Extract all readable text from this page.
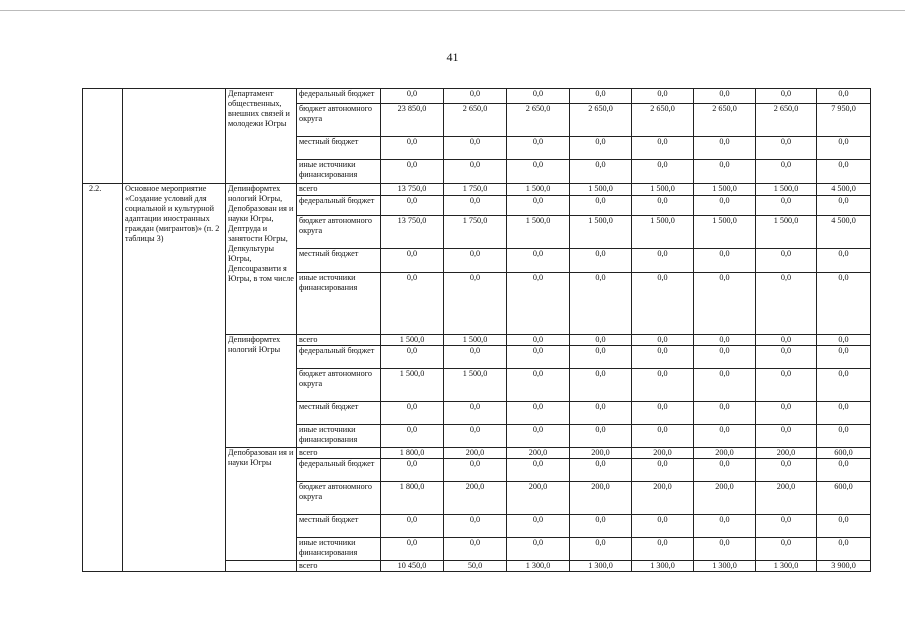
41
		Департамент общественных, внешних связей и молодежи Югры	федеральный бюджет	0,0	0,0	0,0	0,0	0,0	0,0	0,0	0,0

			бюджет автономного округа	23 850,0	2 650,0	2 650,0	2 650,0	2 650,0	2 650,0	2 650,0	7 950,0

			местный бюджет	0,0	0,0	0,0	0,0	0,0	0,0	0,0	0,0

			иные источники финансирования	0,0	0,0	0,0	0,0	0,0	0,0	0,0	0,0

2.2.	Основное мероприятие «Создание условий для социальной и культурной адаптации иностранных граждан (мигрантов)» (п. 2 таблицы 3)	Депинформтех нологий Югры, Депобразован ия и науки Югры, Дептруда и занятости Югры, Депкультуры Югры, Депсоцразвити я Югры, в том числе	всего	13 750,0	1 750,0	1 500,0	1 500,0	1 500,0	1 500,0	1 500,0	4 500,0

			федеральный бюджет	0,0	0,0	0,0	0,0	0,0	0,0	0,0	0,0

			бюджет автономного округа	13 750,0	1 750,0	1 500,0	1 500,0	1 500,0	1 500,0	1 500,0	4 500,0

			местный бюджет	0,0	0,0	0,0	0,0	0,0	0,0	0,0	0,0

			иные источники финансирования	0,0	0,0	0,0	0,0	0,0	0,0	0,0	0,0

		Депинформтех нологий Югры	всего	1 500,0	1 500,0	0,0	0,0	0,0	0,0	0,0	0,0

			федеральный бюджет	0,0	0,0	0,0	0,0	0,0	0,0	0,0	0,0

			бюджет автономного округа	1 500,0	1 500,0	0,0	0,0	0,0	0,0	0,0	0,0

			местный бюджет	0,0	0,0	0,0	0,0	0,0	0,0	0,0	0,0

			иные источники финансирования	0,0	0,0	0,0	0,0	0,0	0,0	0,0	0,0

		Депобразован ия и науки Югры	всего	1 800,0	200,0	200,0	200,0	200,0	200,0	200,0	600,0

			федеральный бюджет	0,0	0,0	0,0	0,0	0,0	0,0	0,0	0,0

			бюджет автономного округа	1 800,0	200,0	200,0	200,0	200,0	200,0	200,0	600,0

			местный бюджет	0,0	0,0	0,0	0,0	0,0	0,0	0,0	0,0

			иные источники финансирования	0,0	0,0	0,0	0,0	0,0	0,0	0,0	0,0

			всего	10 450,0	50,0	1 300,0	1 300,0	1 300,0	1 300,0	1 300,0	3 900,0
